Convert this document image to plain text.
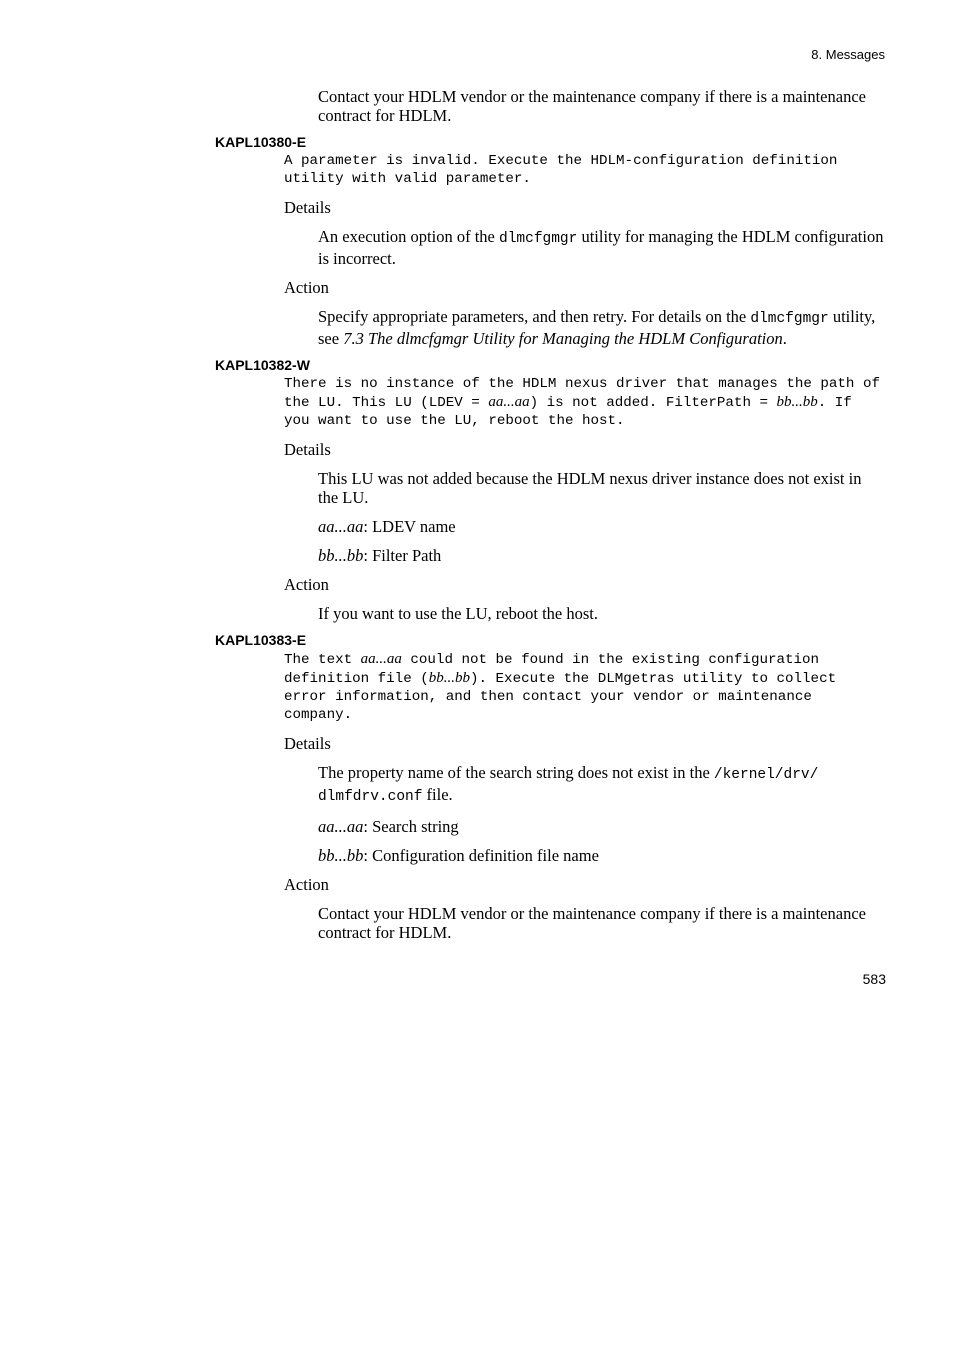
8. Messages

Contact your HDLM vendor or the maintenance company if there is a maintenance contract for HDLM.

KAPL10380-E

A parameter is invalid. Execute the HDLM-configuration definition utility with valid parameter.

Details

An execution option of the dlmcfgmgr utility for managing the HDLM configuration is incorrect.

Action

Specify appropriate parameters, and then retry. For details on the dlmcfgmgr utility, see 7.3 The dlmcfgmgr Utility for Managing the HDLM Configuration.

KAPL10382-W

There is no instance of the HDLM nexus driver that manages the path of the LU. This LU (LDEV = aa...aa) is not added. FilterPath = bb...bb. If you want to use the LU, reboot the host.

Details

This LU was not added because the HDLM nexus driver instance does not exist in the LU.

aa...aa: LDEV name

bb...bb: Filter Path

Action

If you want to use the LU, reboot the host.

KAPL10383-E

The text aa...aa could not be found in the existing configuration definition file (bb...bb). Execute the DLMgetras utility to collect error information, and then contact your vendor or maintenance company.

Details

The property name of the search string does not exist in the /kernel/drv/ dlmfdrv.conf file.

aa...aa: Search string

bb...bb: Configuration definition file name

Action

Contact your HDLM vendor or the maintenance company if there is a maintenance contract for HDLM.

583
